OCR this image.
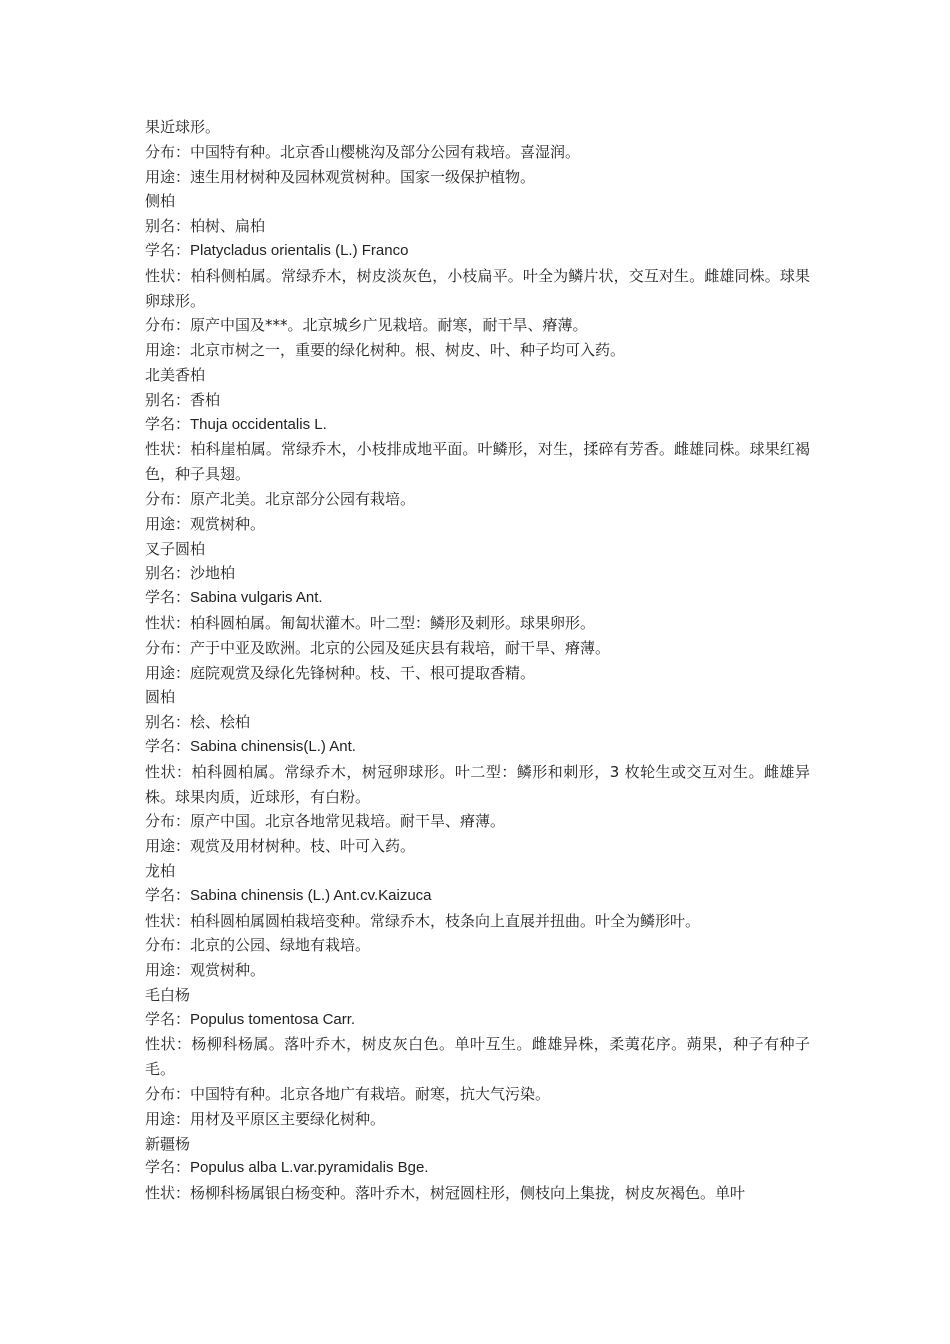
果近球形。
分布：中国特有种。北京香山樱桃沟及部分公园有栽培。喜湿润。
用途：速生用材树种及园林观赏树种。国家一级保护植物。
侧柏
别名：柏树、扁柏
学名：Platycladus orientalis (L.) Franco
性状：柏科侧柏属。常绿乔木，树皮淡灰色，小枝扁平。叶全为鳞片状，交互对生。雌雄同株。球果卵球形。
分布：原产中国及***。北京城乡广见栽培。耐寒，耐干旱、瘠薄。
用途：北京市树之一，重要的绿化树种。根、树皮、叶、种子均可入药。
北美香柏
别名：香柏
学名：Thuja occidentalis L.
性状：柏科崖柏属。常绿乔木，小枝排成地平面。叶鳞形，对生，揉碎有芳香。雌雄同株。球果红褐色，种子具翅。
分布：原产北美。北京部分公园有栽培。
用途：观赏树种。
叉子圆柏
别名：沙地柏
学名：Sabina vulgaris Ant.
性状：柏科圆柏属。匍匐状灌木。叶二型：鳞形及刺形。球果卵形。
分布：产于中亚及欧洲。北京的公园及延庆县有栽培，耐干旱、瘠薄。
用途：庭院观赏及绿化先锋树种。枝、干、根可提取香精。
圆柏
别名：桧、桧柏
学名：Sabina chinensis(L.) Ant.
性状：柏科圆柏属。常绿乔木，树冠卵球形。叶二型：鳞形和刺形，3 枚轮生或交互对生。雌雄异株。球果肉质，近球形，有白粉。
分布：原产中国。北京各地常见栽培。耐干旱、瘠薄。
用途：观赏及用材树种。枝、叶可入药。
龙柏
学名：Sabina chinensis (L.) Ant.cv.Kaizuca
性状：柏科圆柏属圆柏栽培变种。常绿乔木，枝条向上直展并扭曲。叶全为鳞形叶。
分布：北京的公园、绿地有栽培。
用途：观赏树种。
毛白杨
学名：Populus tomentosa Carr.
性状：杨柳科杨属。落叶乔木，树皮灰白色。单叶互生。雌雄异株，柔荑花序。蒴果，种子有种子毛。
分布：中国特有种。北京各地广有栽培。耐寒，抗大气污染。
用途：用材及平原区主要绿化树种。
新疆杨
学名：Populus alba L.var.pyramidalis Bge.
性状：杨柳科杨属银白杨变种。落叶乔木，树冠圆柱形，侧枝向上集拢，树皮灰褐色。单叶
